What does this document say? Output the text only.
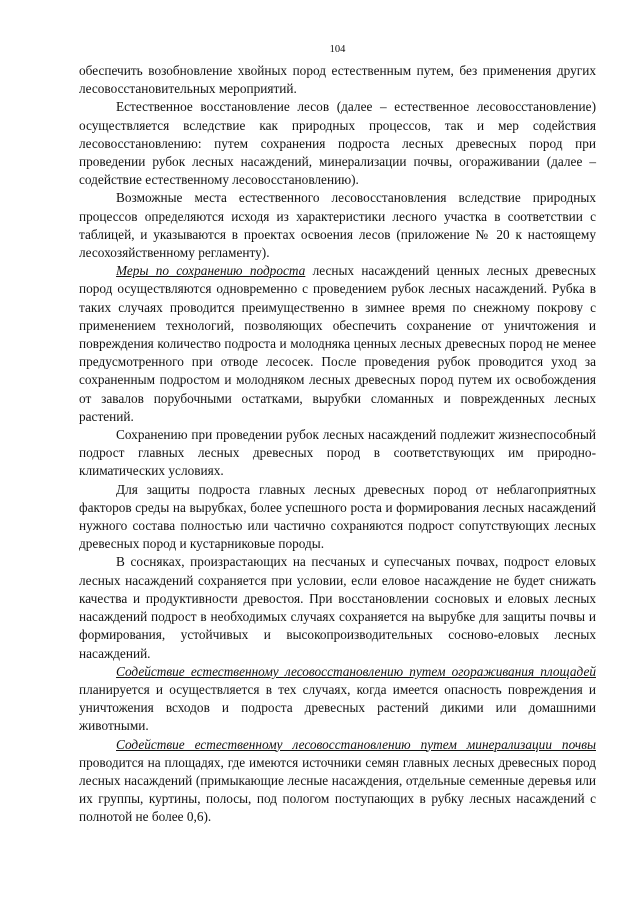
104

обеспечить возобновление хвойных пород естественным путем, без применения других лесовосстановительных мероприятий.

Естественное восстановление лесов (далее – естественное лесовосстановление) осуществляется вследствие как природных процессов, так и мер содействия лесовосстановлению: путем сохранения подроста лесных древесных пород при проведении рубок лесных насаждений, минерализации почвы, огораживании (далее – содействие естественному лесовосстановлению).

Возможные места естественного лесовосстановления вследствие природных процессов определяются исходя из характеристики лесного участка в соответствии с таблицей, и указываются в проектах освоения лесов (приложение № 20 к настоящему лесохозяйственному регламенту).

Меры по сохранению подроста лесных насаждений ценных лесных древесных пород осуществляются одновременно с проведением рубок лесных насаждений. Рубка в таких случаях проводится преимущественно в зимнее время по снежному покрову с применением технологий, позволяющих обеспечить сохранение от уничтожения и повреждения количество подроста и молодняка ценных лесных древесных пород не менее предусмотренного при отводе лесосек. После проведения рубок проводится уход за сохраненным подростом и молодняком лесных древесных пород путем их освобождения от завалов порубочными остатками, вырубки сломанных и поврежденных лесных растений.

Сохранению при проведении рубок лесных насаждений подлежит жизнеспособный подрост главных лесных древесных пород в соответствующих им природно-климатических условиях.

Для защиты подроста главных лесных древесных пород от неблагоприятных факторов среды на вырубках, более успешного роста и формирования лесных насаждений нужного состава полностью или частично сохраняются подрост сопутствующих лесных древесных пород и кустарниковые породы.

В сосняках, произрастающих на песчаных и супесчаных почвах, подрост еловых лесных насаждений сохраняется при условии, если еловое насаждение не будет снижать качества и продуктивности древостоя. При восстановлении сосновых и еловых лесных насаждений подрост в необходимых случаях сохраняется на вырубке для защиты почвы и формирования, устойчивых и высокопроизводительных сосново-еловых лесных насаждений.

Содействие естественному лесовосстановлению путем огораживания площадей планируется и осуществляется в тех случаях, когда имеется опасность повреждения и уничтожения всходов и подроста древесных растений дикими или домашними животными.

Содействие естественному лесовосстановлению путем минерализации почвы проводится на площадях, где имеются источники семян главных лесных древесных пород лесных насаждений (примыкающие лесные насаждения, отдельные семенные деревья или их группы, куртины, полосы, под пологом поступающих в рубку лесных насаждений с полнотой не более 0,6).
